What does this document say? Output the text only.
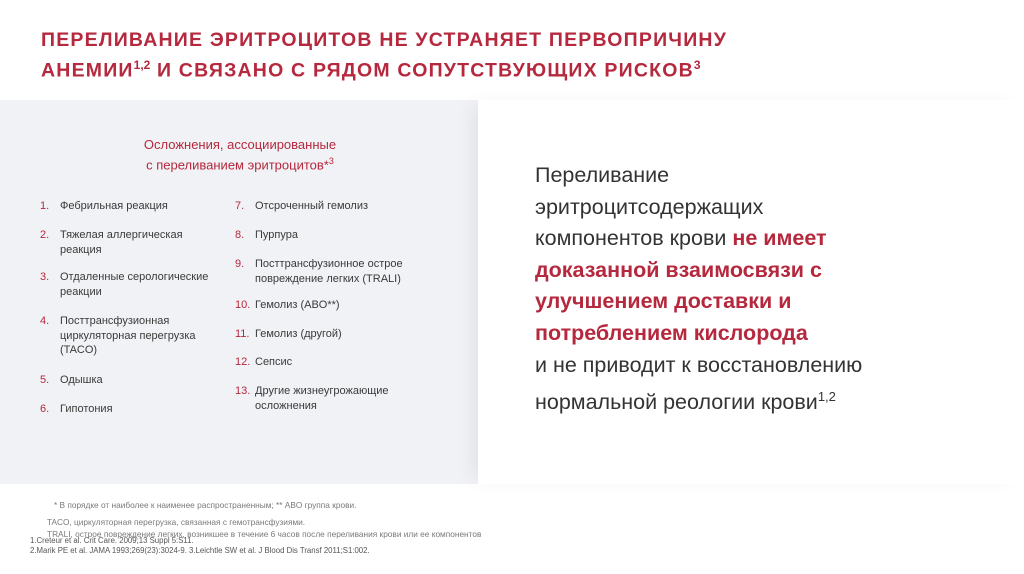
ПЕРЕЛИВАНИЕ ЭРИТРОЦИТОВ НЕ УСТРАНЯЕТ ПЕРВОПРИЧИНУ
АНЕМИИ$^{1,2}$ И СВЯЗАНО С РЯДОМ СОПУТСТВУЮЩИХ РИСКОВ$^3$

Осложнения, ассоциированные
с переливанием эритроцитов*$^3$

1. Фебрильная реакция
2. Тяжелая аллергическая
реакция
3. Отдаленные серологические
реакции
4. Посттрансфузионная
циркуляторная перегрузка
(TACO)
5. Одышка
6. Гипотония
7. Отсроченный гемолиз
8. Пурпура
9. Посттрансфузионное острое
повреждение легких (TRALI)
10. Гемолиз (ABO**)
11. Гемолиз (другой)
12. Сепсис
13. Другие жизнеугрожающие
осложнения

Переливание
эритроцитсодержащих
компонентов крови не имеет
доказанной взаимосвязи с
улучшением доставки и
потреблением кислорода
и не приводит к восстановлению
нормальной реологии крови$^{1,2}$

* В порядке от наиболее к наименее распространенным; ** ABO группа крови.

TACO, циркуляторная перегрузка, связанная с гемотрансфузиями.

TRALI, острое повреждение легких, возникшее в течение 6 часов после переливания крови или ее компонентов

1.Creteur et al. Crit Care. 2009;13 Suppl 5:S11.

2.Marik PE et al. JAMA 1993;269(23):3024-9. 3.Leichtle SW et al. J Blood Dis Transf 2011;S1:002.
